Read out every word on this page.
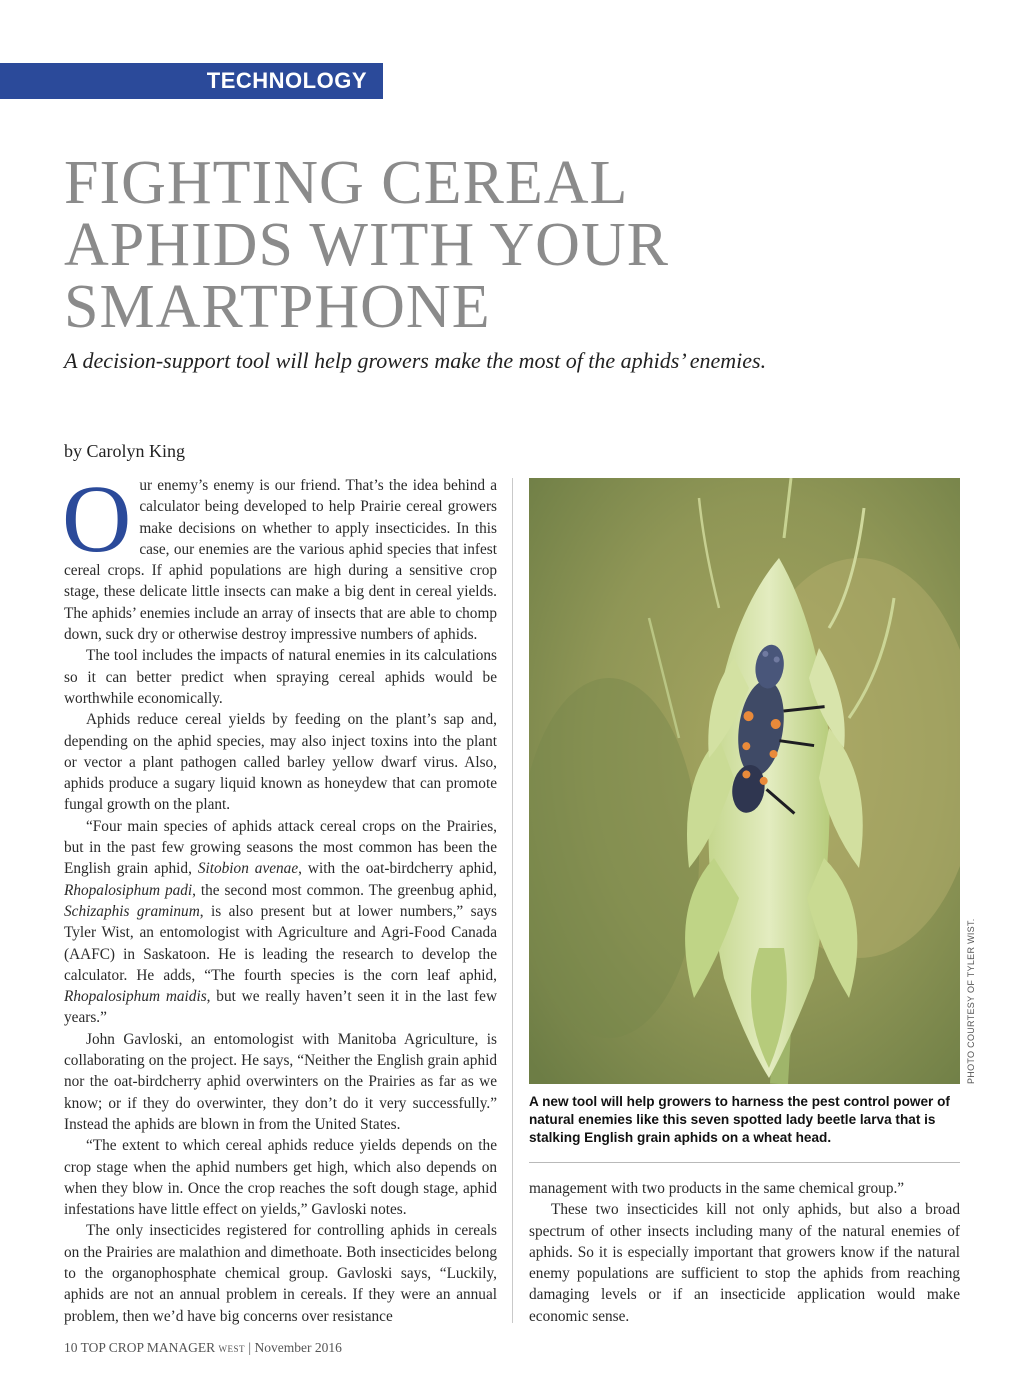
TECHNOLOGY
FIGHTING CEREAL
APHIDS WITH YOUR
SMARTPHONE
A decision-support tool will help growers make the most of the aphids’ enemies.
by Carolyn King

Our enemy’s enemy is our friend. That’s the idea behind a calculator being developed to help Prairie cereal growers make decisions on whether to apply insecticides. In this case, our enemies are the various aphid species that infest cereal crops. If aphid populations are high during a sensitive crop stage, these delicate little insects can make a big dent in cereal yields. The aphids’ enemies include an array of insects that are able to chomp down, suck dry or otherwise destroy impressive numbers of aphids.

The tool includes the impacts of natural enemies in its calculations so it can better predict when spraying cereal aphids would be worthwhile economically.

Aphids reduce cereal yields by feeding on the plant’s sap and, depending on the aphid species, may also inject toxins into the plant or vector a plant pathogen called barley yellow dwarf virus. Also, aphids produce a sugary liquid known as honeydew that can promote fungal growth on the plant.

“Four main species of aphids attack cereal crops on the Prairies, but in the past few growing seasons the most common has been the English grain aphid, Sitobion avenae, with the oat-birdcherry aphid, Rhopalosiphum padi, the second most common. The greenbug aphid, Schizaphis graminum, is also present but at lower numbers,” says Tyler Wist, an entomologist with Agriculture and Agri-Food Canada (AAFC) in Saskatoon. He is leading the research to develop the calculator. He adds, “The fourth species is the corn leaf aphid, Rhopalosiphum maidis, but we really haven’t seen it in the last few years.”

John Gavloski, an entomologist with Manitoba Agriculture, is collaborating on the project. He says, “Neither the English grain aphid nor the oat-birdcherry aphid overwinters on the Prairies as far as we know; or if they do overwinter, they don’t do it very successfully.” Instead the aphids are blown in from the United States.

“The extent to which cereal aphids reduce yields depends on the crop stage when the aphid numbers get high, which also depends on when they blow in. Once the crop reaches the soft dough stage, aphid infestations have little effect on yields,” Gavloski notes.

The only insecticides registered for controlling aphids in cereals on the Prairies are malathion and dimethoate. Both insecticides belong to the organophosphate chemical group. Gavloski says, “Luckily, aphids are not an annual problem in cereals. If they were an annual problem, then we’d have big concerns over resistance

PHOTO COURTESY OF TYLER WIST.
A new tool will help growers to harness the pest control power of natural enemies like this seven spotted lady beetle larva that is stalking English grain aphids on a wheat head.

management with two products in the same chemical group.”

These two insecticides kill not only aphids, but also a broad spectrum of other insects including many of the natural enemies of aphids. So it is especially important that growers know if the natural enemy populations are sufficient to stop the aphids from reaching damaging levels or if an insecticide application would make economic sense.

10 TOP CROP MANAGER WEST | November 2016
